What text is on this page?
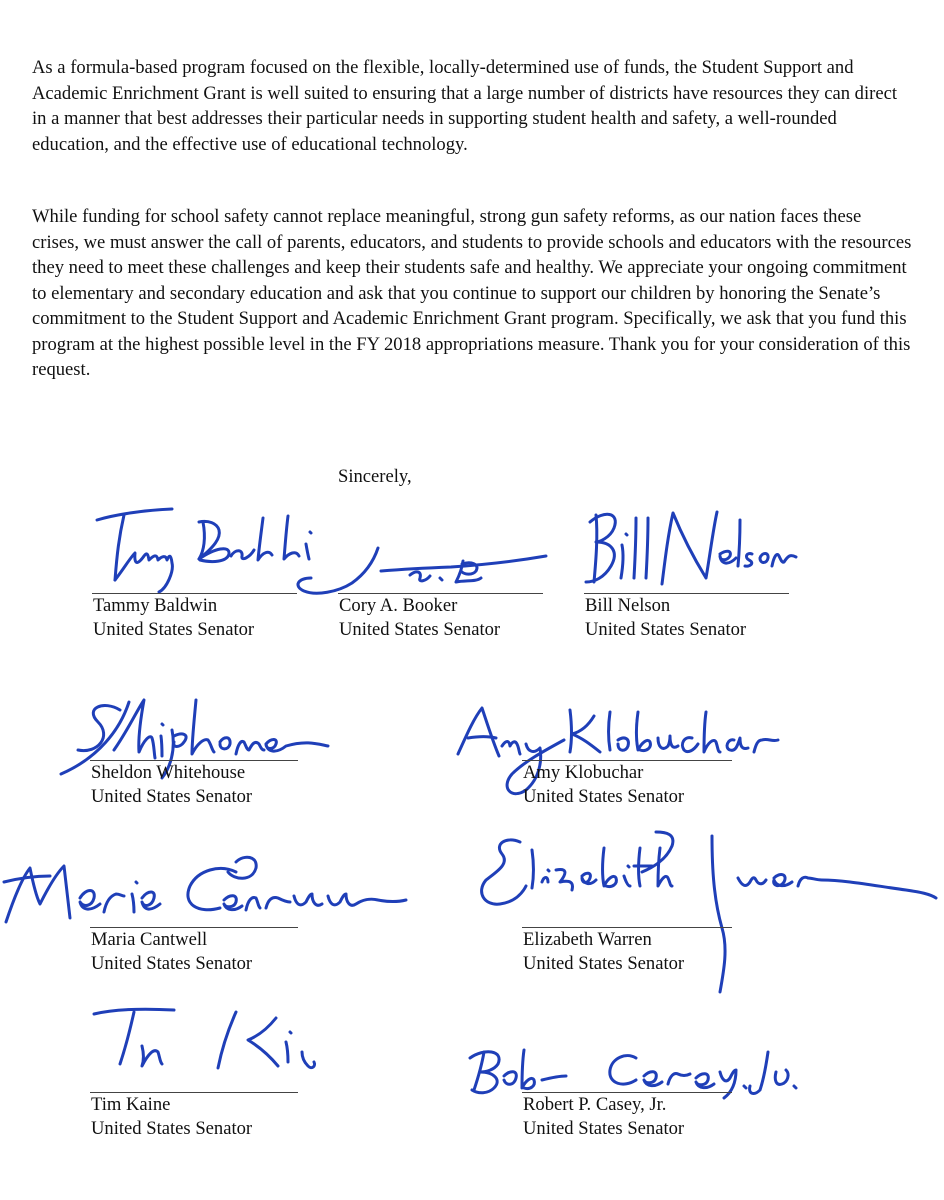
As a formula-based program focused on the flexible, locally-determined use of funds, the Student Support and Academic Enrichment Grant is well suited to ensuring that a large number of districts have resources they can direct in a manner that best addresses their particular needs in supporting student health and safety, a well-rounded education, and the effective use of educational technology.

While funding for school safety cannot replace meaningful, strong gun safety reforms, as our nation faces these crises, we must answer the call of parents, educators, and students to provide schools and educators with the resources they need to meet these challenges and keep their students safe and healthy. We appreciate your ongoing commitment to elementary and secondary education and ask that you continue to support our children by honoring the Senate’s commitment to the Student Support and Academic Enrichment Grant program. Specifically, we ask that you fund this program at the highest possible level in the FY 2018 appropriations measure. Thank you for your consideration of this request.

Sincerely,
Tammy Baldwin
United States Senator
Cory A. Booker
United States Senator
Bill Nelson
United States Senator
Sheldon Whitehouse
United States Senator
Amy Klobuchar
United States Senator
Maria Cantwell
United States Senator
Elizabeth Warren
United States Senator
Tim Kaine
United States Senator
Robert P. Casey, Jr.
United States Senator
